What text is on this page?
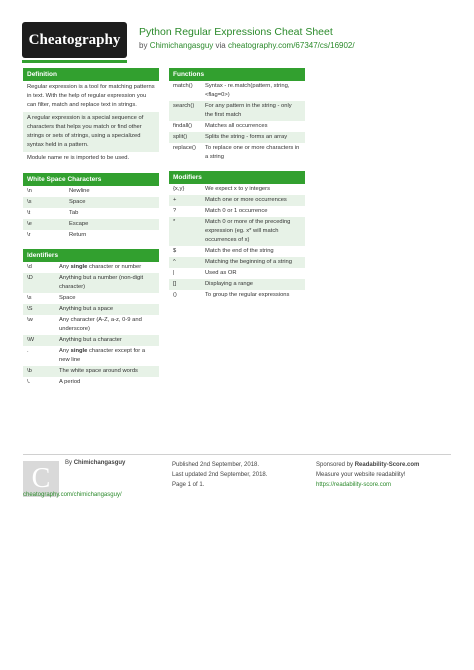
Cheatography	Python Regular Expressions Cheat Sheet
by Chimichangasguy via cheatography.com/67347/cs/16902/
Definition
Regular expression is a tool for matching patterns in text. With the help of regular expression you can filter, match and replace text in strings.
A regular expression is a special sequence of characters that helps you match or find other strings or sets of strings, using a specialized syntax held in a pattern.
Module name re is imported to be used.
White Space Characters
\n	Newline
\s	Space
\t	Tab
\e	Escape
\r	Return
Identifiers
\d	Any single character or number
\D	Anything but a number (non-digit character)
\s	Space
\S	Anything but a space
\w	Any character (A-Z, a-z, 0-9 and underscore)
\W	Anything but a character
.	Any single character except for a new line
\b	The white space around words
\.	A period
Functions
match()	Syntax - re.match(pattern, string, <flag=0>)
search()	For any pattern in the string - only the first match
findall()	Matches all occurrences
split()	Splits the string - forms an array
replace()	To replace one or more characters in a string
Modifiers
{x,y}	We expect x to y integers
+	Match one or more occurrences
?	Match 0 or 1 occurrence
*	Match 0 or more of the preceding expression (eg. x* will match occurrences of x)
$	Match the end of the string
^	Matching the beginning of a string
|	Used as OR
[]	Displaying a range
()	To group the regular expressions
C	By Chimichangasguy	Published 2nd September, 2018.
Last updated 2nd September, 2018.
Page 1 of 1.
Sponsored by Readability-Score.com
Measure your website readability!
https://readability-score.com
cheatography.com/chimichangasguy/
